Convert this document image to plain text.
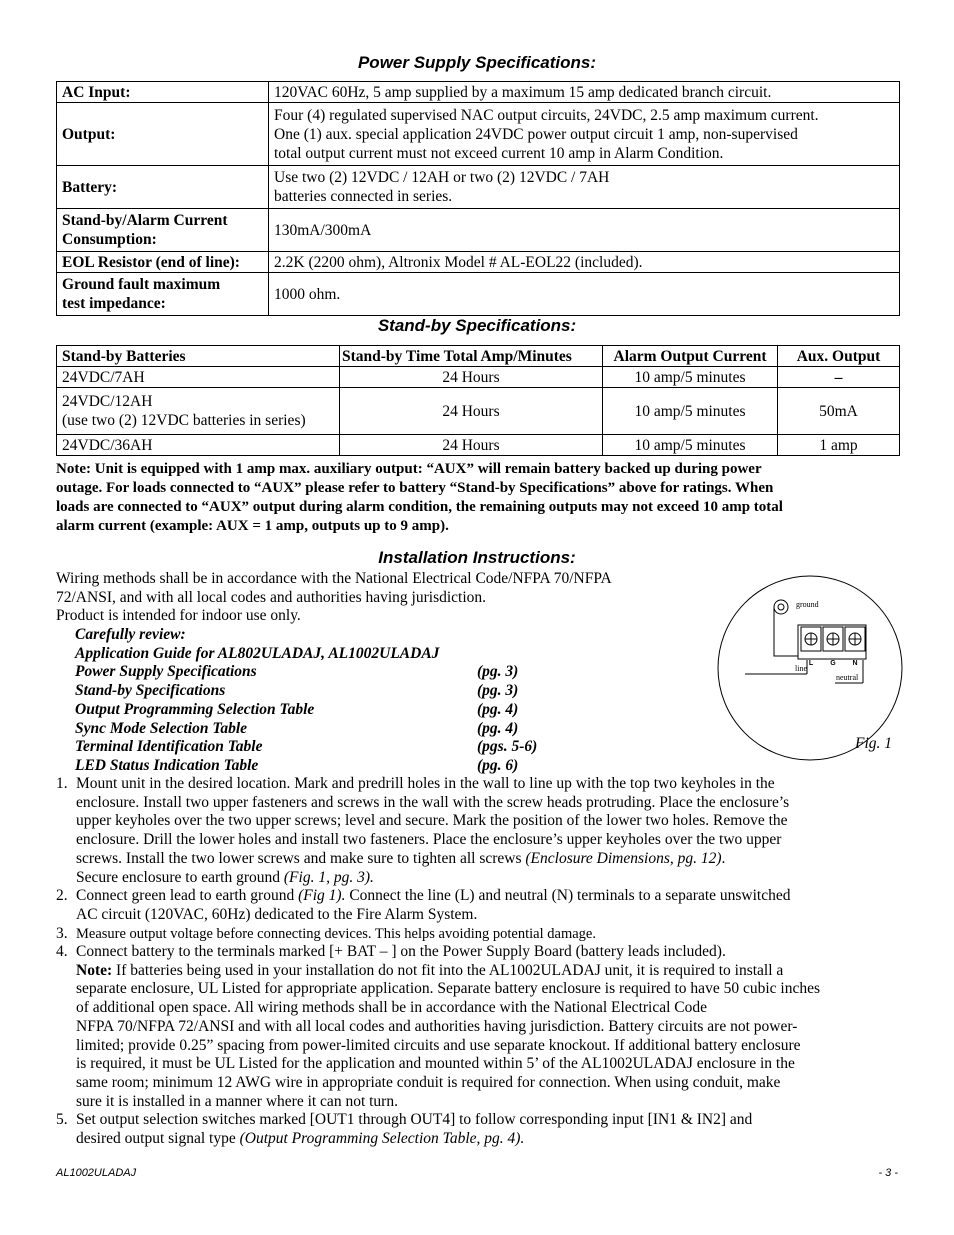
Power Supply Specifications:
AC Input:	120VAC 60Hz, 5 amp supplied by a maximum 15 amp dedicated branch circuit.
Output:	Four (4) regulated supervised NAC output circuits, 24VDC, 2.5 amp maximum current.
One (1) aux. special application 24VDC power output circuit 1 amp, non-supervised
total output current must not exceed current 10 amp in Alarm Condition.

Battery:	Use two (2) 12VDC / 12AH or two (2) 12VDC / 7AH
batteries connected in series.

Stand-by/Alarm Current
Consumption:	130mA/300mA
EOL Resistor (end of line):	2.2K (2200 ohm), Altronix Model # AL-EOL22 (included).

Ground fault maximum
test impedance:	1000 ohm.
Stand-by Specifications:
Stand-by Batteries	Stand-by Time Total Amp/Minutes	Alarm Output Current	Aux. Output
24VDC/7AH	24 Hours	10 amp/5 minutes	–

24VDC/12AH
(use two (2) 12VDC batteries in series)	24 Hours	10 amp/5 minutes	50mA
24VDC/36AH	24 Hours	10 amp/5 minutes	1 amp
Note: Unit is equipped with 1 amp max. auxiliary output: “AUX” will remain battery backed up during power
outage. For loads connected to “AUX” please refer to battery “Stand-by Specifications” above for ratings. When
loads are connected to “AUX” output during alarm condition, the remaining outputs may not exceed 10 amp total
alarm current (example: AUX = 1 amp, outputs up to 9 amp).
Installation Instructions:
Wiring methods shall be in accordance with the National Electrical Code/NFPA 70/NFPA
72/ANSI, and with all local codes and authorities having jurisdiction.
Product is intended for indoor use only.
Carefully review:
Application Guide for AL802ULADAJ, AL1002ULADAJ
Power Supply Specifications	(pg. 3)
Stand-by Specifications	(pg. 3)
Output Programming Selection Table	(pg. 4)
Sync Mode Selection Table	(pg. 4)
Terminal Identification Table	(pgs. 5-6)
LED Status Indication Table	(pg. 6)
ground
L G N
line
neutral
Fig. 1
1. Mount unit in the desired location. Mark and predrill holes in the wall to line up with the top two keyholes in the
enclosure. Install two upper fasteners and screws in the wall with the screw heads protruding. Place the enclosure’s
upper keyholes over the two upper screws; level and secure. Mark the position of the lower two holes. Remove the
enclosure. Drill the lower holes and install two fasteners. Place the enclosure’s upper keyholes over the two upper
screws. Install the two lower screws and make sure to tighten all screws (Enclosure Dimensions, pg. 12).
Secure enclosure to earth ground (Fig. 1, pg. 3).
2. Connect green lead to earth ground (Fig 1). Connect the line (L) and neutral (N) terminals to a separate unswitched
AC circuit (120VAC, 60Hz) dedicated to the Fire Alarm System.
3. Measure output voltage before connecting devices. This helps avoiding potential damage.
4. Connect battery to the terminals marked [+ BAT – ] on the Power Supply Board (battery leads included).
Note: If batteries being used in your installation do not fit into the AL1002ULADAJ unit, it is required to install a
separate enclosure, UL Listed for appropriate application. Separate battery enclosure is required to have 50 cubic inches
of additional open space. All wiring methods shall be in accordance with the National Electrical Code
NFPA 70/NFPA 72/ANSI and with all local codes and authorities having jurisdiction. Battery circuits are not power-
limited; provide 0.25” spacing from power-limited circuits and use separate knockout. If additional battery enclosure
is required, it must be UL Listed for the application and mounted within 5’ of the AL1002ULADAJ enclosure in the
same room; minimum 12 AWG wire in appropriate conduit is required for connection. When using conduit, make
sure it is installed in a manner where it can not turn.
5. Set output selection switches marked [OUT1 through OUT4] to follow corresponding input [IN1 & IN2] and
desired output signal type (Output Programming Selection Table, pg. 4).
AL1002ULADAJ	- 3 -
